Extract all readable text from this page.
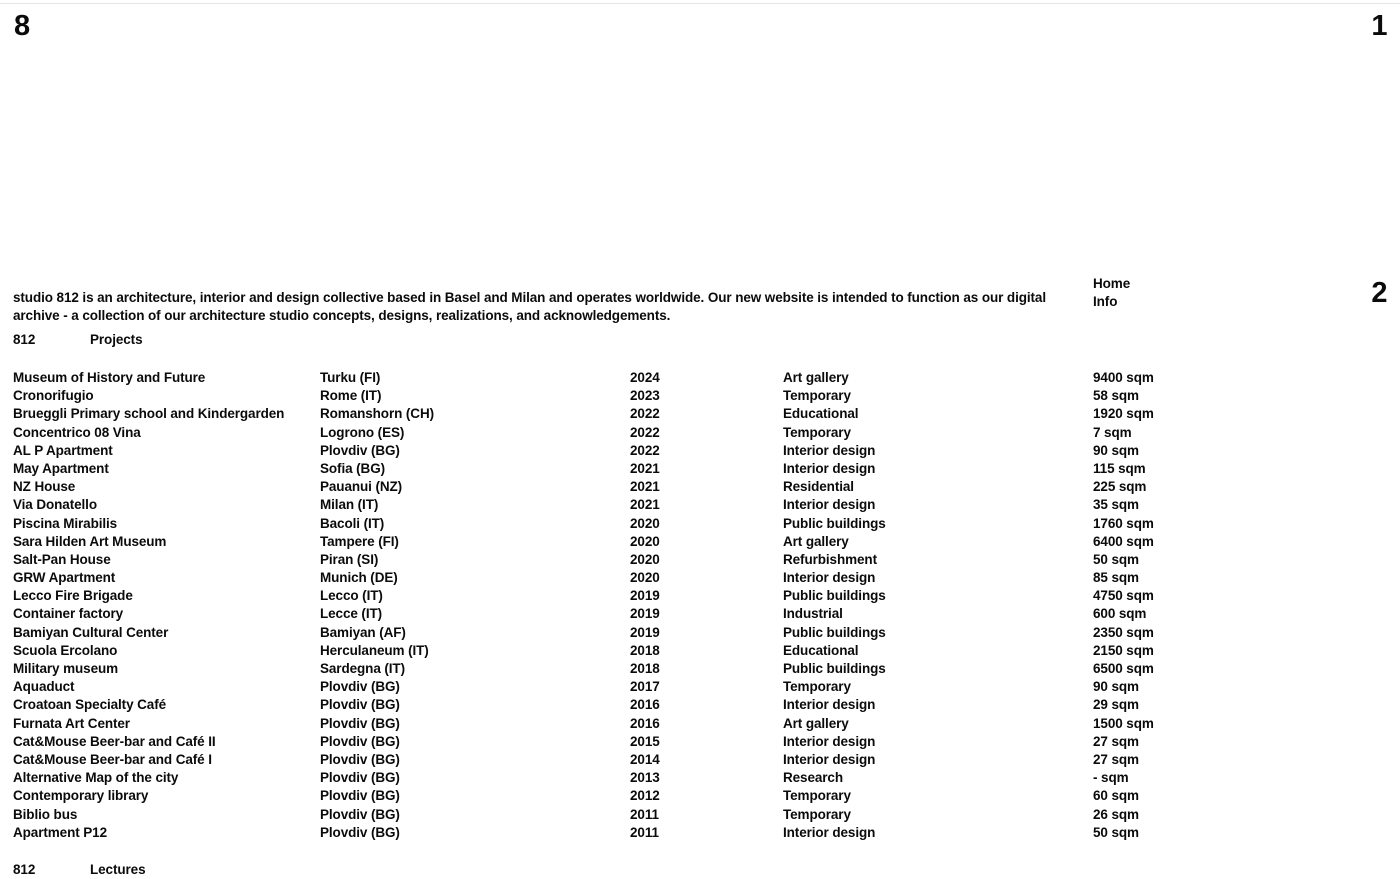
8	1

studio 812 is an architecture, interior and design collective based in Basel and Milan and operates worldwide. Our new website is intended to function as our digital archive - a collection of our architecture studio concepts, designs, realizations, and acknowledgements.

Home
Info	2
812	Projects
Museum of History and Future	Turku (FI)	2024	Art gallery	9400 sqm
Cronorifugio	Rome (IT)	2023	Temporary	58 sqm
Brueggli Primary school and Kindergarden	Romanshorn (CH)	2022	Educational	1920 sqm
Concentrico 08 Vina	Logrono (ES)	2022	Temporary	7 sqm
AL P Apartment	Plovdiv (BG)	2022	Interior design	90 sqm
May Apartment	Sofia (BG)	2021	Interior design	115 sqm
NZ House	Pauanui (NZ)	2021	Residential	225 sqm
Via Donatello	Milan (IT)	2021	Interior design	35 sqm
Piscina Mirabilis	Bacoli (IT)	2020	Public buildings	1760 sqm
Sara Hilden Art Museum	Tampere (FI)	2020	Art gallery	6400 sqm
Salt-Pan House	Piran (SI)	2020	Refurbishment	50 sqm
GRW Apartment	Munich (DE)	2020	Interior design	85 sqm
Lecco Fire Brigade	Lecco (IT)	2019	Public buildings	4750 sqm
Container factory	Lecce (IT)	2019	Industrial	600 sqm
Bamiyan Cultural Center	Bamiyan (AF)	2019	Public buildings	2350 sqm
Scuola Ercolano	Herculaneum (IT)	2018	Educational	2150 sqm
Military museum	Sardegna (IT)	2018	Public buildings	6500 sqm
Aquaduct	Plovdiv (BG)	2017	Temporary	90 sqm
Croatoan Specialty Café	Plovdiv (BG)	2016	Interior design	29 sqm
Furnata Art Center	Plovdiv (BG)	2016	Art gallery	1500 sqm
Cat&Mouse Beer-bar and Café II	Plovdiv (BG)	2015	Interior design	27 sqm
Cat&Mouse Beer-bar and Café I	Plovdiv (BG)	2014	Interior design	27 sqm
Alternative Map of the city	Plovdiv (BG)	2013	Research	- sqm
Contemporary library	Plovdiv (BG)	2012	Temporary	60 sqm
Biblio bus	Plovdiv (BG)	2011	Temporary	26 sqm
Apartment P12	Plovdiv (BG)	2011	Interior design	50 sqm
812	Lectures
